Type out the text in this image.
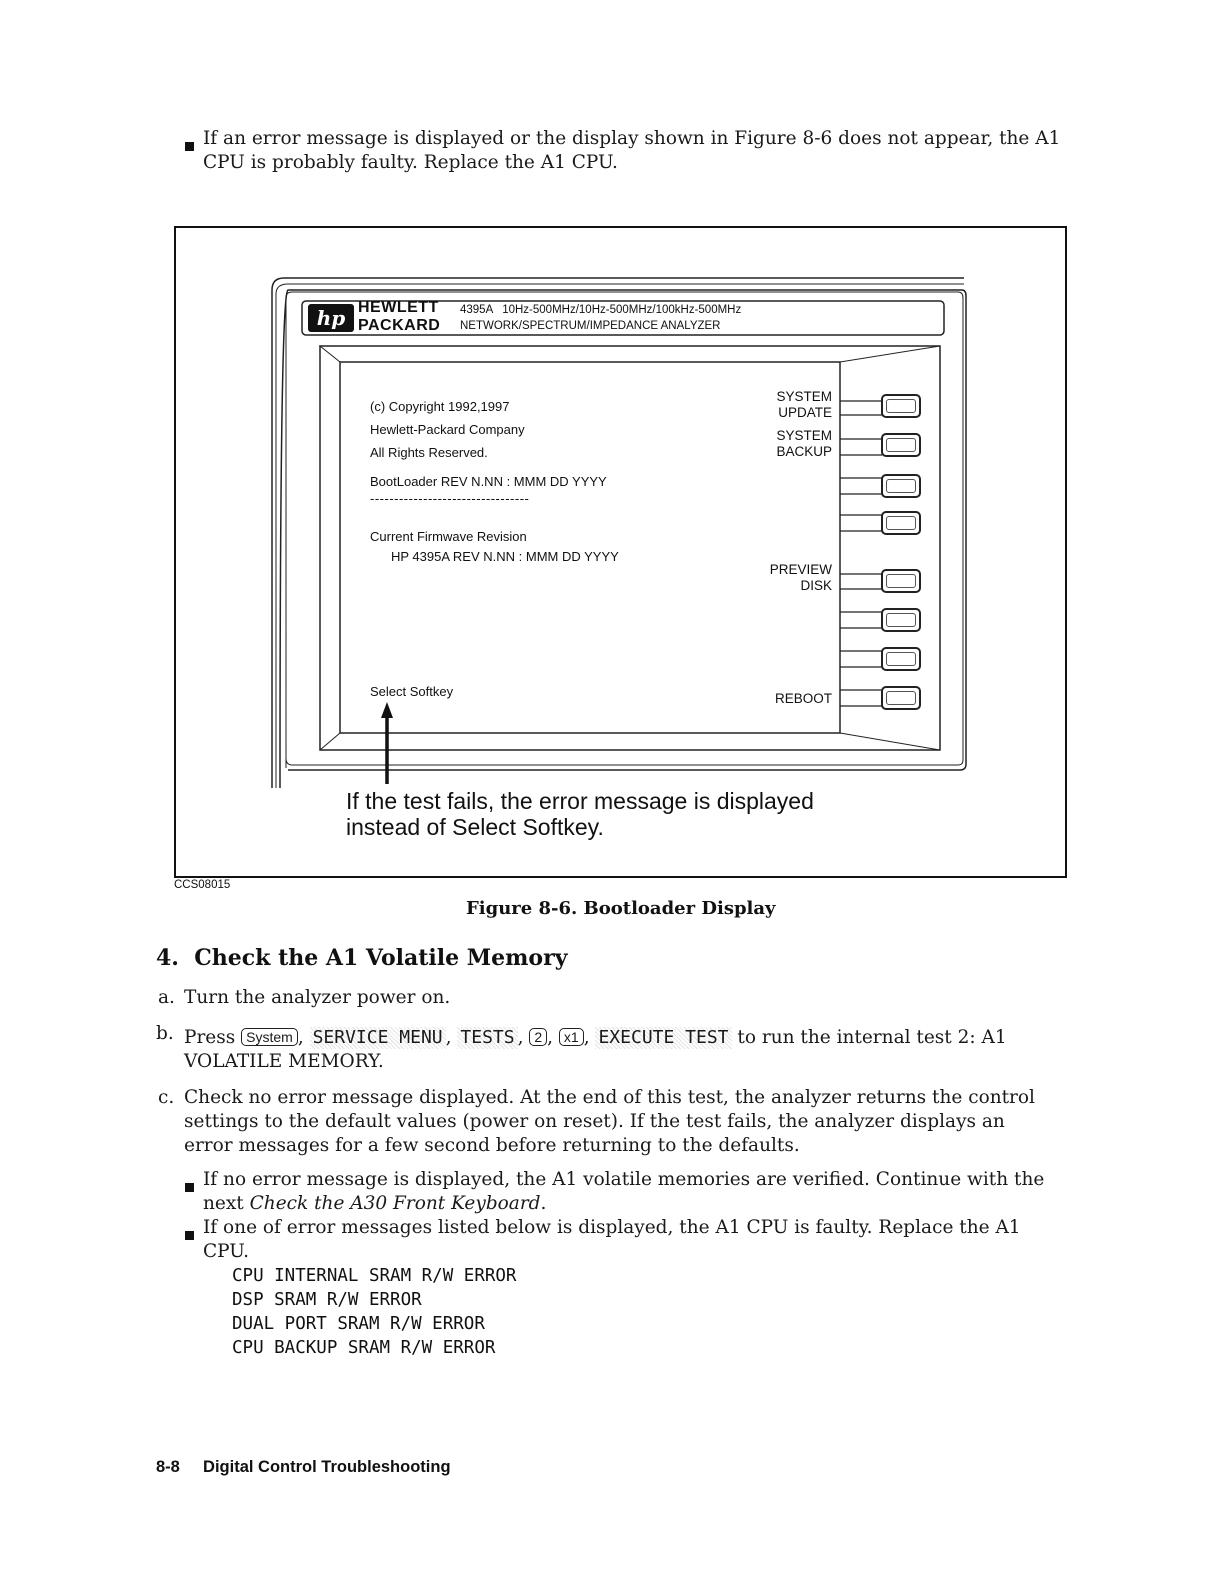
If an error message is displayed or the display shown in Figure 8-6 does not appear, the A1 CPU is probably faulty. Replace the A1 CPU.
hp HEWLETT
PACKARD
4395A   10Hz-500MHz/10Hz-500MHz/100kHz-500MHz
NETWORK/SPECTRUM/IMPEDANCE ANALYZER
(c) Copyright 1992,1997
Hewlett-Packard Company
All Rights Reserved.
BootLoader REV N.NN : MMM DD YYYY
---------------------------------
Current Firmwave Revision
HP 4395A REV N.NN : MMM DD YYYY
Select Softkey
SYSTEM
UPDATE
SYSTEM
BACKUP
PREVIEW
DISK
REBOOT
If the test fails, the error message is displayed
instead of Select Softkey.
CCS08015
Figure 8-6. Bootloader Display
4.  Check the A1 Volatile Memory
a. Turn the analyzer power on.
b. Press System , SERVICE MENU , TESTS , 2 , x1 , EXECUTE TEST to run the internal test 2: A1
VOLATILE MEMORY.
c. Check no error message displayed. At the end of this test, the analyzer returns the control
settings to the default values (power on reset). If the test fails, the analyzer displays an
error messages for a few second before returning to the defaults.
If no error message is displayed, the A1 volatile memories are verified. Continue with the
next Check the A30 Front Keyboard.
If one of error messages listed below is displayed, the A1 CPU is faulty. Replace the A1
CPU.
CPU INTERNAL SRAM R/W ERROR
DSP SRAM R/W ERROR
DUAL PORT SRAM R/W ERROR
CPU BACKUP SRAM R/W ERROR
8-8 Digital Control Troubleshooting
